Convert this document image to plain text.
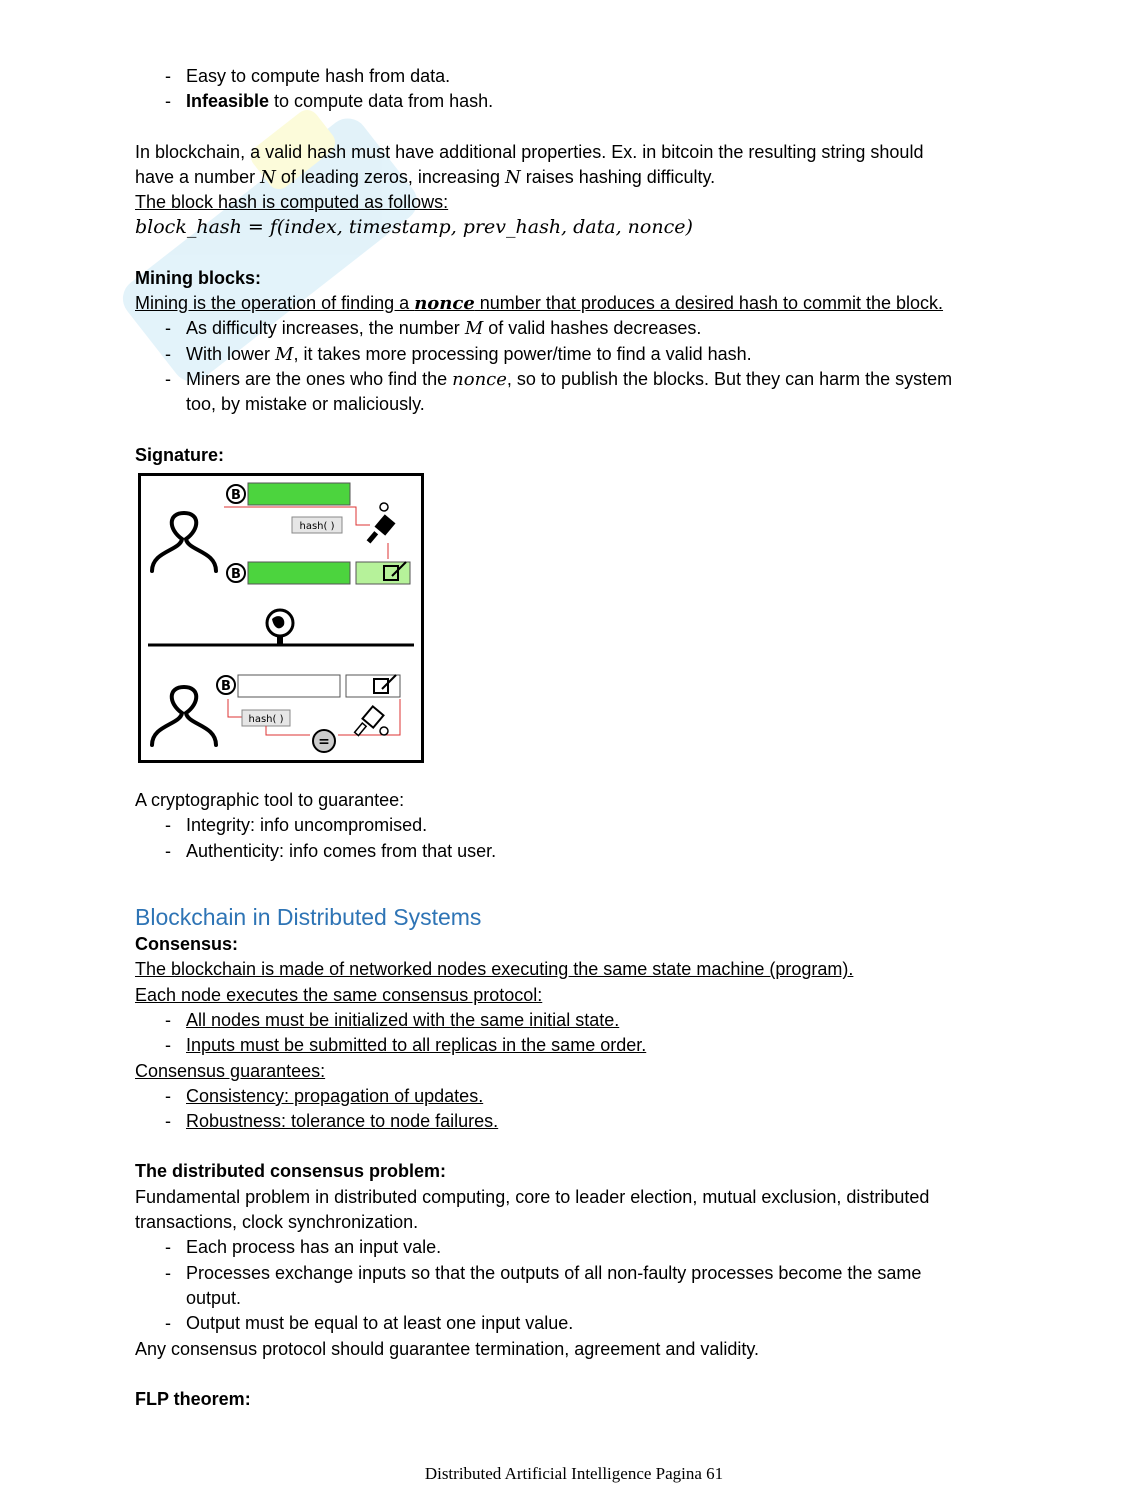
- Easy to compute hash from data.
- Infeasible to compute data from hash.

In blockchain, a valid hash must have additional properties. Ex. in bitcoin the resulting string should
have a number N of leading zeros, increasing N raises hashing difficulty.

The block hash is computed as follows:

block_hash = f(index, timestamp, prev_hash, data, nonce)

Mining blocks:

Mining is the operation of finding a nonce number that produces a desired hash to commit the block.

- As difficulty increases, the number M of valid hashes decreases.
- With lower M, it takes more processing power/time to find a valid hash.
- Miners are the ones who find the nonce, so to publish the blocks. But they can harm the system
too, by mistake or maliciously.

Signature:

B
hash( )
B
B
hash( )
=

A cryptographic tool to guarantee:

- Integrity: info uncompromised.
- Authenticity: info comes from that user.

Blockchain in Distributed Systems

Consensus:

The blockchain is made of networked nodes executing the same state machine (program).

Each node executes the same consensus protocol:

- All nodes must be initialized with the same initial state.
- Inputs must be submitted to all replicas in the same order.

Consensus guarantees:

- Consistency: propagation of updates.
- Robustness: tolerance to node failures.

The distributed consensus problem:

Fundamental problem in distributed computing, core to leader election, mutual exclusion, distributed
transactions, clock synchronization.

- Each process has an input vale.
- Processes exchange inputs so that the outputs of all non-faulty processes become the same
output.
- Output must be equal to at least one input value.

Any consensus protocol should guarantee termination, agreement and validity.

FLP theorem:

Distributed Artificial Intelligence Pagina 61
